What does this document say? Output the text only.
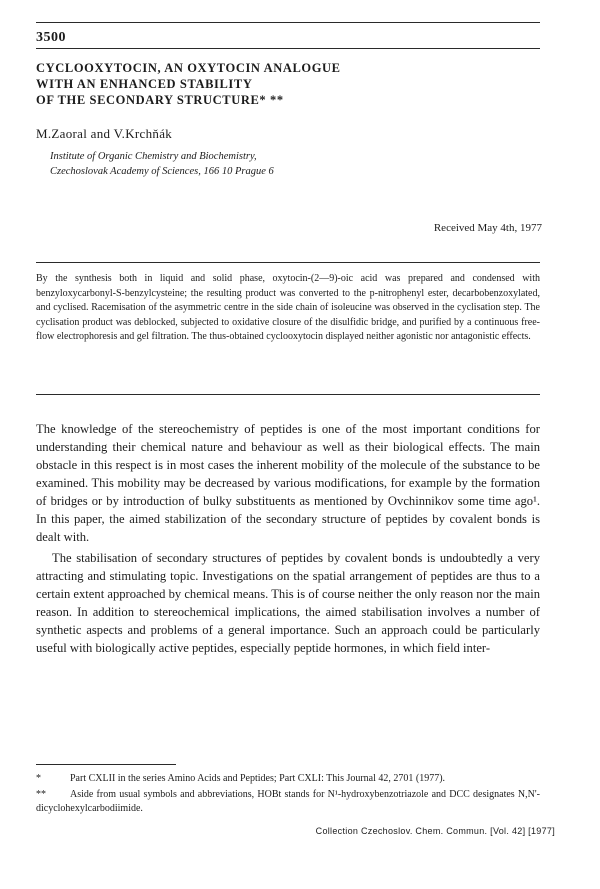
3500
CYCLOOXYTOCIN, AN OXYTOCIN ANALOGUE
WITH AN ENHANCED STABILITY
OF THE SECONDARY STRUCTURE* **
M.Zaoral and V.Krchňák
Institute of Organic Chemistry and Biochemistry,
Czechoslovak Academy of Sciences, 166 10 Prague 6
Received May 4th, 1977
By the synthesis both in liquid and solid phase, oxytocin-(2—9)-oic acid was prepared and condensed with benzyloxycarbonyl-S-benzylcysteine; the resulting product was converted to the p-nitrophenyl ester, decarbobenzoxylated, and cyclised. Racemisation of the asymmetric centre in the side chain of isoleucine was observed in the cyclisation step. The cyclisation product was deblocked, subjected to oxidative closure of the disulfidic bridge, and purified by a continuous free-flow electrophoresis and gel filtration. The thus-obtained cyclooxytocin displayed neither agonistic nor antagonistic effects.

The knowledge of the stereochemistry of peptides is one of the most important conditions for understanding their chemical nature and behaviour as well as their biological effects. The main obstacle in this respect is in most cases the inherent mobility of the molecule of the substance to be examined. This mobility may be decreased by various modifications, for example by the formation of bridges or by introduction of bulky substituents as mentioned by Ovchinnikov some time ago¹. In this paper, the aimed stabilization of the secondary structure of peptides by covalent bonds is dealt with.

The stabilisation of secondary structures of peptides by covalent bonds is undoubtedly a very attracting and stimulating topic. Investigations on the spatial arrangement of peptides are thus to a certain extent approached by chemical means. This is of course neither the only reason nor the main reason. In addition to stereochemical implications, the aimed stabilisation involves a number of synthetic aspects and problems of a general importance. Such an approach could be particularly useful with biologically active peptides, especially peptide hormones, in which field inter-

*	Part CXLII in the series Amino Acids and Peptides; Part CXLI: This Journal 42, 2701 (1977).

** Aside from usual symbols and abbreviations, HOBt stands for N¹-hydroxybenzotriazole and DCC designates N,N'-dicyclohexylcarbodiimide.

Collection Czechoslov. Chem. Commun. [Vol. 42] [1977]
